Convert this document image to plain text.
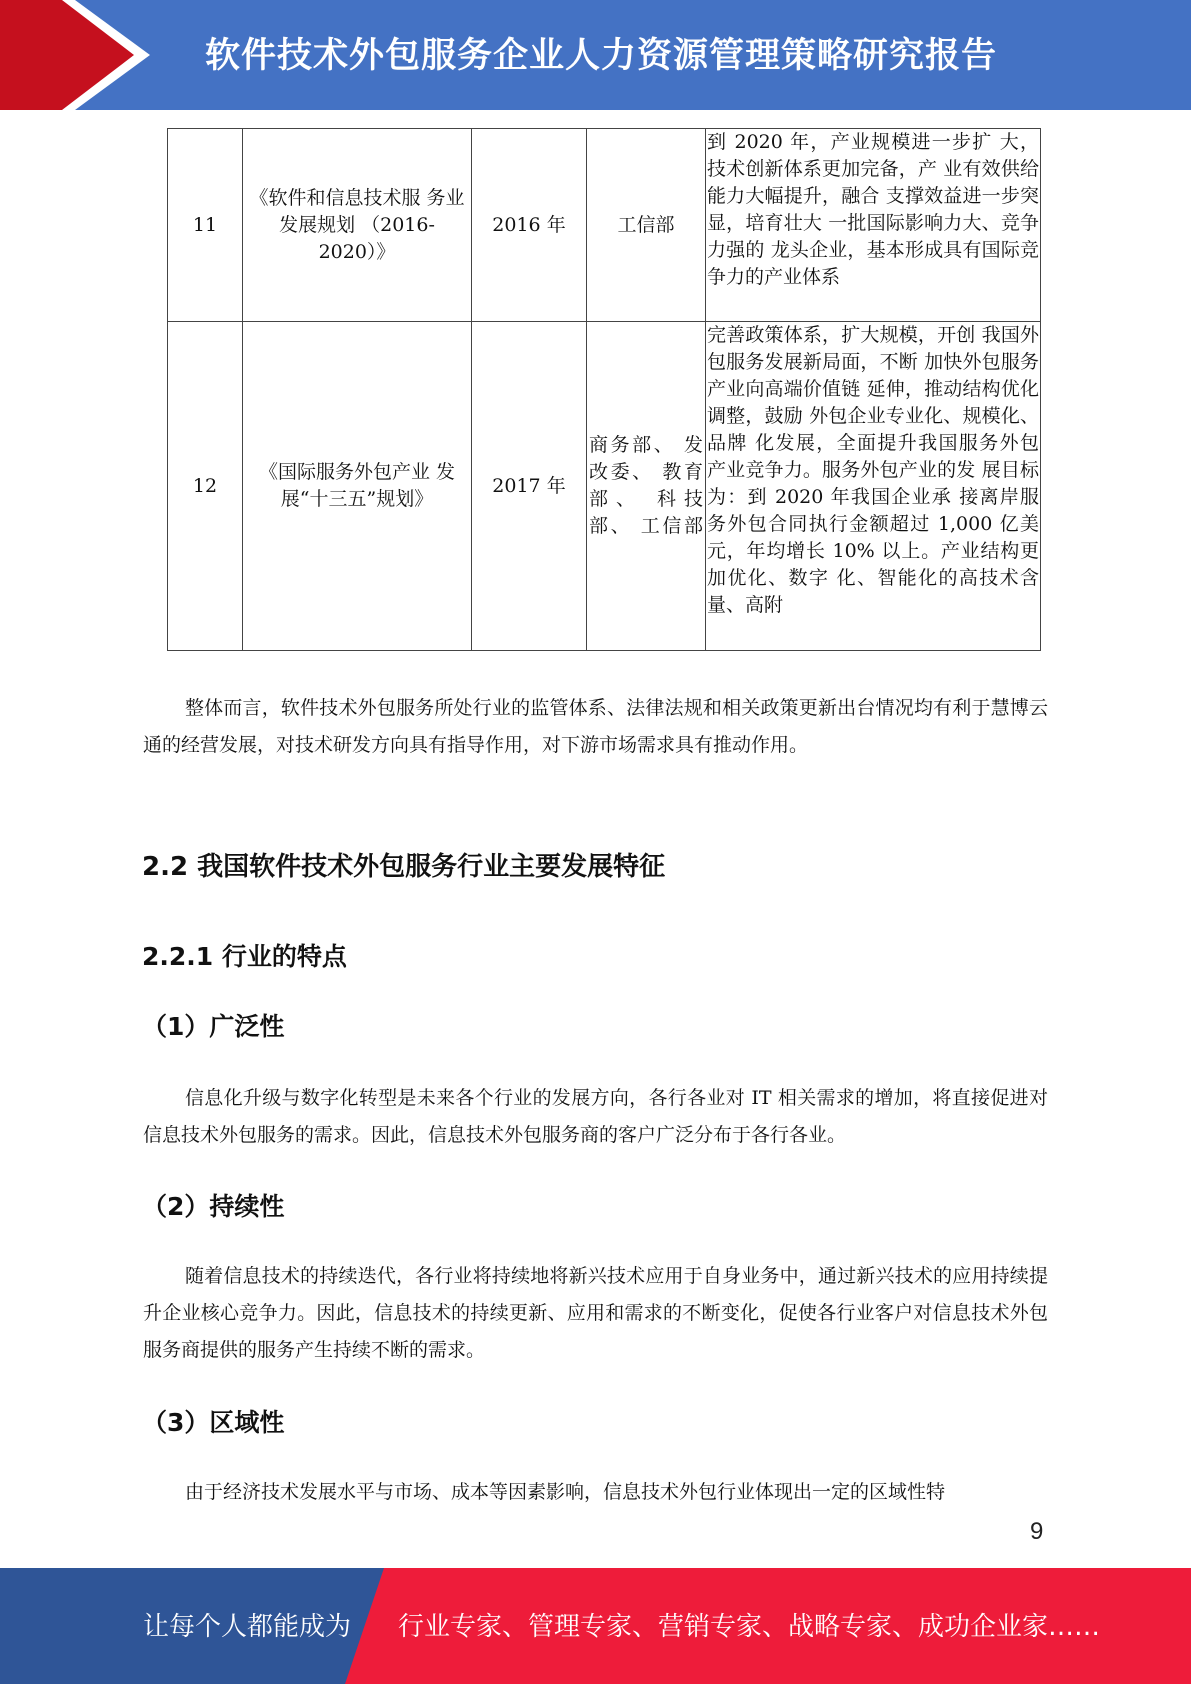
软件技术外包服务企业人力资源管理策略研究报告
11	《软件和信息技术服 务业发展规划 （2016-2020）》	2016 年	工信部	到 2020 年，产业规模进一步扩 大，技术创新体系更加完备，产 业有效供给能力大幅提升，融合 支撑效益进一步突显，培育壮大 一批国际影响力大、竞争力强的 龙头企业，基本形成具有国际竞 争力的产业体系
12	《国际服务外包产业 发展“十三五”规划》	2017 年	商务部、 发改委、 教育部、 科技部、 工信部	完善政策体系，扩大规模，开创 我国外包服务发展新局面，不断 加快外包服务产业向高端价值链 延伸，推动结构优化调整，鼓励 外包企业专业化、规模化、品牌 化发展，全面提升我国服务外包 产业竞争力。服务外包产业的发 展目标为：到 2020 年我国企业承 接离岸服务外包合同执行金额超过 1,000 亿美元，年均增长 10% 以上。产业结构更加优化、数字 化、智能化的高技术含量、高附

整体而言，软件技术外包服务所处行业的监管体系、法律法规和相关政策更新出台情况均有利于慧博云通的经营发展，对技术研发方向具有指导作用，对下游市场需求具有推动作用。

2.2 我国软件技术外包服务行业主要发展特征
2.2.1 行业的特点
（1）广泛性

信息化升级与数字化转型是未来各个行业的发展方向，各行各业对 IT 相关需求的增加，将直接促进对信息技术外包服务的需求。因此，信息技术外包服务商的客户广泛分布于各行各业。

（2）持续性

随着信息技术的持续迭代，各行业将持续地将新兴技术应用于自身业务中，通过新兴技术的应用持续提升企业核心竞争力。因此，信息技术的持续更新、应用和需求的不断变化，促使各行业客户对信息技术外包服务商提供的服务产生持续不断的需求。

（3）区域性

由于经济技术发展水平与市场、成本等因素影响，信息技术外包行业体现出一定的区域性特

9
让每个人都能成为 行业专家、管理专家、营销专家、战略专家、成功企业家……
